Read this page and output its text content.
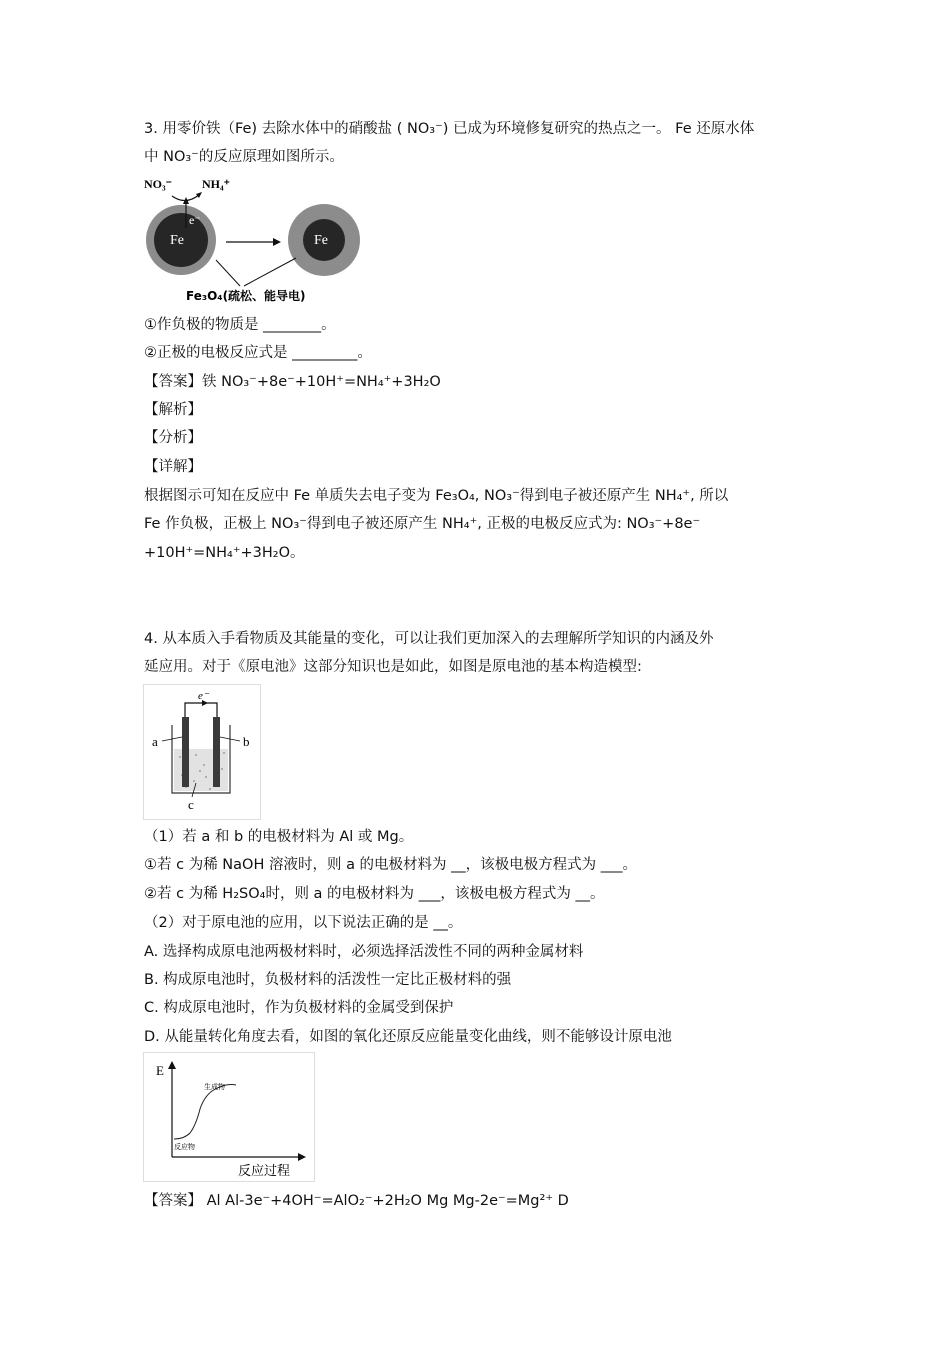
3. 用零价铁（Fe) 去除水体中的硝酸盐 ( NO₃⁻) 已成为环境修复研究的热点之一。 Fe 还原水体
中 NO₃⁻的反应原理如图所示。
NO₃⁻	NH₄⁺
e⁻
Fe	Fe
Fe₃O₄(疏松、能导电)
①作负极的物质是 ________。
②正极的电极反应式是 _________。
【答案】铁 NO₃⁻+8e⁻+10H⁺=NH₄⁺+3H₂O
【解析】
【分析】
【详解】
根据图示可知在反应中 Fe 单质失去电子变为 Fe₃O₄, NO₃⁻得到电子被还原产生 NH₄⁺, 所以
Fe 作负极，正极上 NO₃⁻得到电子被还原产生 NH₄⁺, 正极的电极反应式为: NO₃⁻+8e⁻
+10H⁺=NH₄⁺+3H₂O。
4. 从本质入手看物质及其能量的变化，可以让我们更加深入的去理解所学知识的内涵及外
延应用。对于《原电池》这部分知识也是如此，如图是原电池的基本构造模型:
e⁻
a	b
c
（1）若 a 和 b 的电极材料为 Al 或 Mg。
①若 c 为稀 NaOH 溶液时，则 a 的电极材料为 __，该极电极方程式为 ___。
②若 c 为稀 H₂SO₄时，则 a 的电极材料为 ___，该极电极方程式为 __。
（2）对于原电池的应用，以下说法正确的是 __。
A. 选择构成原电池两极材料时，必须选择活泼性不同的两种金属材料
B. 构成原电池时，负极材料的活泼性一定比正极材料的强
C. 构成原电池时，作为负极材料的金属受到保护
D. 从能量转化角度去看，如图的氧化还原反应能量变化曲线，则不能够设计原电池
E
生成物
反应物
反应过程
【答案】 Al Al-3e⁻+4OH⁻=AlO₂⁻+2H₂O Mg Mg-2e⁻=Mg²⁺ D
